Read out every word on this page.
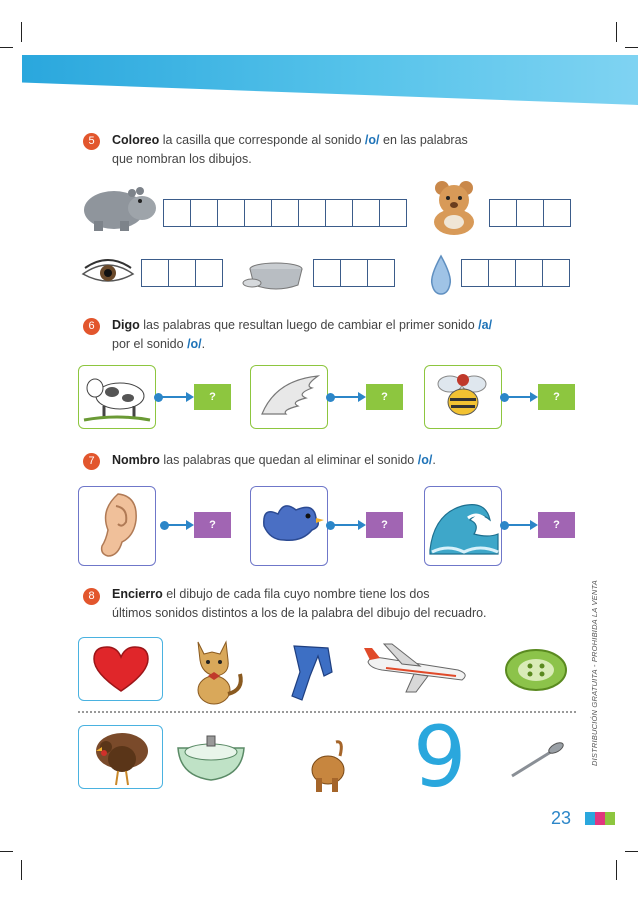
5	Coloreo la casilla que corresponde al sonido /o/ en las palabras
que nombran los dibujos.
6	Digo las palabras que resultan luego de cambiar el primer sonido /a/
por el sonido /o/.
?	?	?
7	Nombro las palabras que quedan al eliminar el sonido /o/.
?	?	?
8	Encierro el dibujo de cada fila cuyo nombre tiene los dos
últimos sonidos distintos a los de la palabra del dibujo del recuadro.
9	DISTRIBUCIÓN GRATUITA - PROHIBIDA LA VENTA
23
